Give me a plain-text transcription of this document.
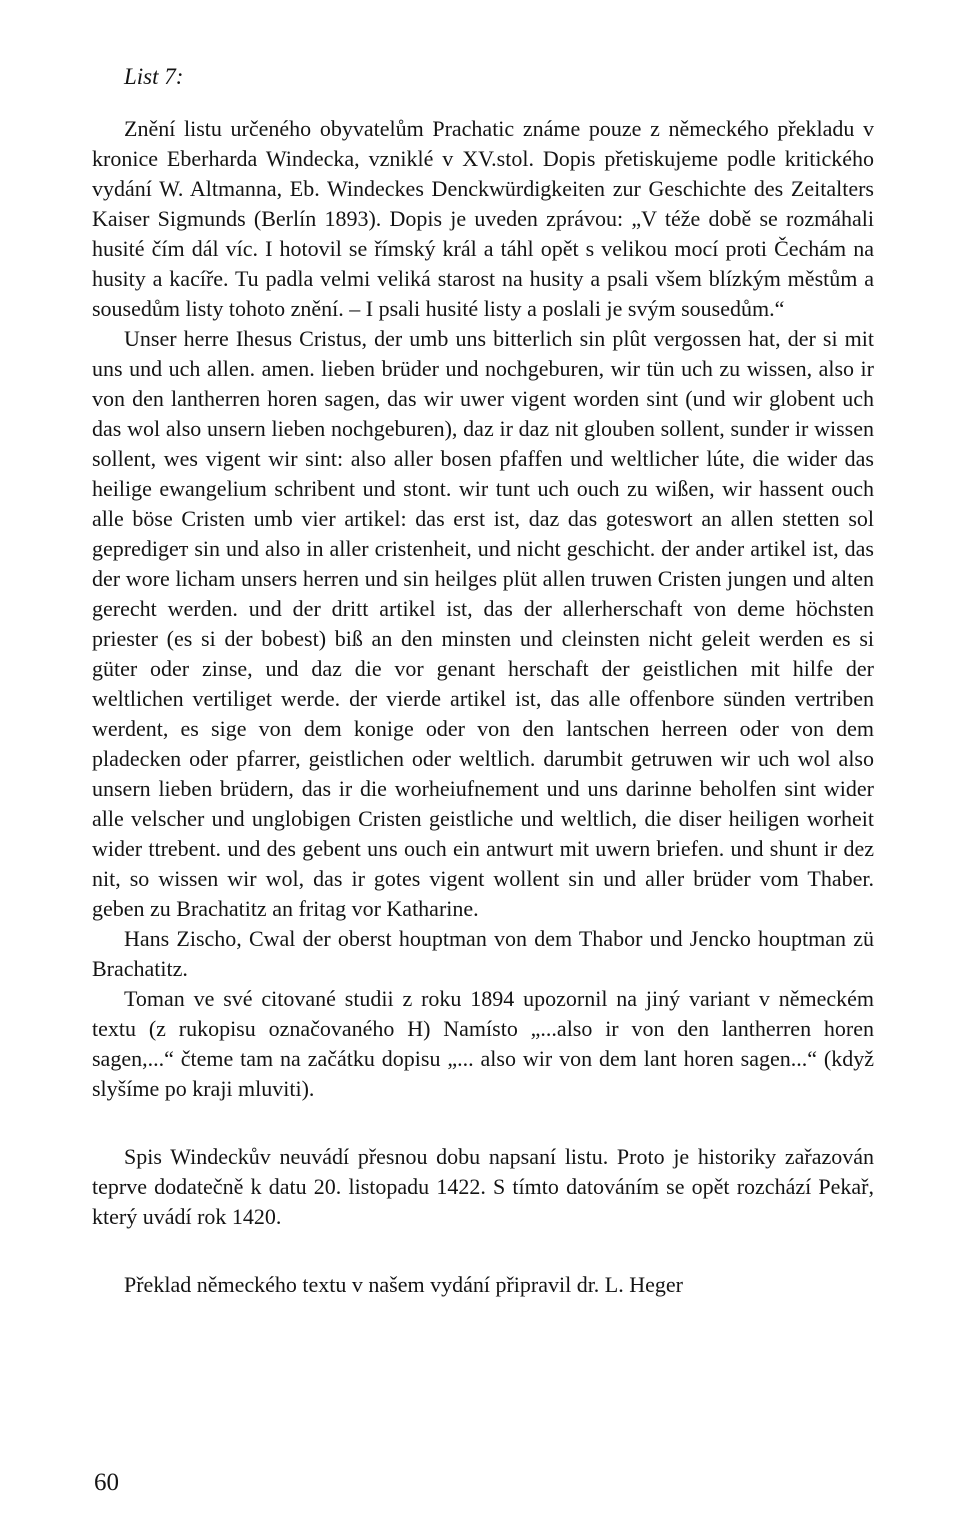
List 7:

Znění listu určeného obyvatelům Prachatic známe pouze z německého překladu v kronice Eberharda Windecka, vzniklé v XV.stol. Dopis přetiskujeme podle kritického vydání W. Altmanna, Eb. Windeckes Denckwürdigkeiten zur Geschichte des Zeitalters Kaiser Sigmunds (Berlín 1893). Dopis je uveden zprávou: „V téže době se rozmáhali husité čím dál víc. I hotovil se římský král a táhl opět s velikou mocí proti Čechám na husity a kacíře. Tu padla velmi veliká starost na husity a psali všem blízkým městům a sousedům listy tohoto znění. – I psali husité listy a poslali je svým sousedům.“

Unser herre Ihesus Cristus, der umb uns bitterlich sin plût vergossen hat, der si mit uns und uch allen. amen. lieben brüder und nochgeburen, wir tün uch zu wissen, also ir von den lantherren horen sagen, das wir uwer vigent worden sint (und wir globent uch das wol also unsern lieben nochgeburen), daz ir daz nit glouben sollent, sunder ir wissen sollent, wes vigent wir sint: also aller bosen pfaffen und weltlicher lúte, die wider das heilige ewangelium schribent und stont. wir tunt uch ouch zu wißen, wir hassent ouch alle böse Cristen umb vier artikel: das erst ist, daz das goteswort an allen stetten sol gepredigет sin und also in aller cristenheit, und nicht geschicht. der ander artikel ist, das der wore licham unsers herren und sin heilges plüt allen truwen Cristen jungen und alten gerecht werden. und der dritt artikel ist, das der allerherschaft von deme höchsten priester (es si der bobest) biß an den minsten und cleinsten nicht geleit werden es si güter oder zinse, und daz die vor genant herschaft der geistlichen mit hilfe der weltlichen vertiliget werde. der vierde artikel ist, das alle offenbore sünden vertriben werdent, es sige von dem konige oder von den lantschen herreen oder von dem pladecken oder pfarrer, geistlichen oder weltlich. darumbit getruwen wir uch wol also unsern lieben brüdern, das ir die worheiufnement und uns darinne beholfen sint wider alle velscher und unglobigen Cristen geistliche und weltlich, die diser heiligen worheit wider ttrebent. und des gebent uns ouch ein antwurt mit uwern briefen. und shunt ir dez nit, so wissen wir wol, das ir gotes vigent wollent sin und aller brüder vom Thaber. geben zu Brachatitz an fritag vor Katharine.

Hans Zischo, Cwal der oberst houptman von dem Thabor und Jencko houptman zü Brachatitz.

Toman ve své citované studii z roku 1894 upozornil na jiný variant v německém textu (z rukopisu označovaného H) Namísto „...also ir von den lantherren horen sagen,...“ čteme tam na začátku dopisu „... also wir von dem lant horen sagen...“ (když slyšíme po kraji mluviti).

Spis Windeckův neuvádí přesnou dobu napsaní listu. Proto je historiky zařazován teprve dodatečně k datu 20. listopadu 1422. S tímto datováním se opět rozchází Pekař, který uvádí rok 1420.

Překlad německého textu v našem vydání připravil dr. L. Heger

60
